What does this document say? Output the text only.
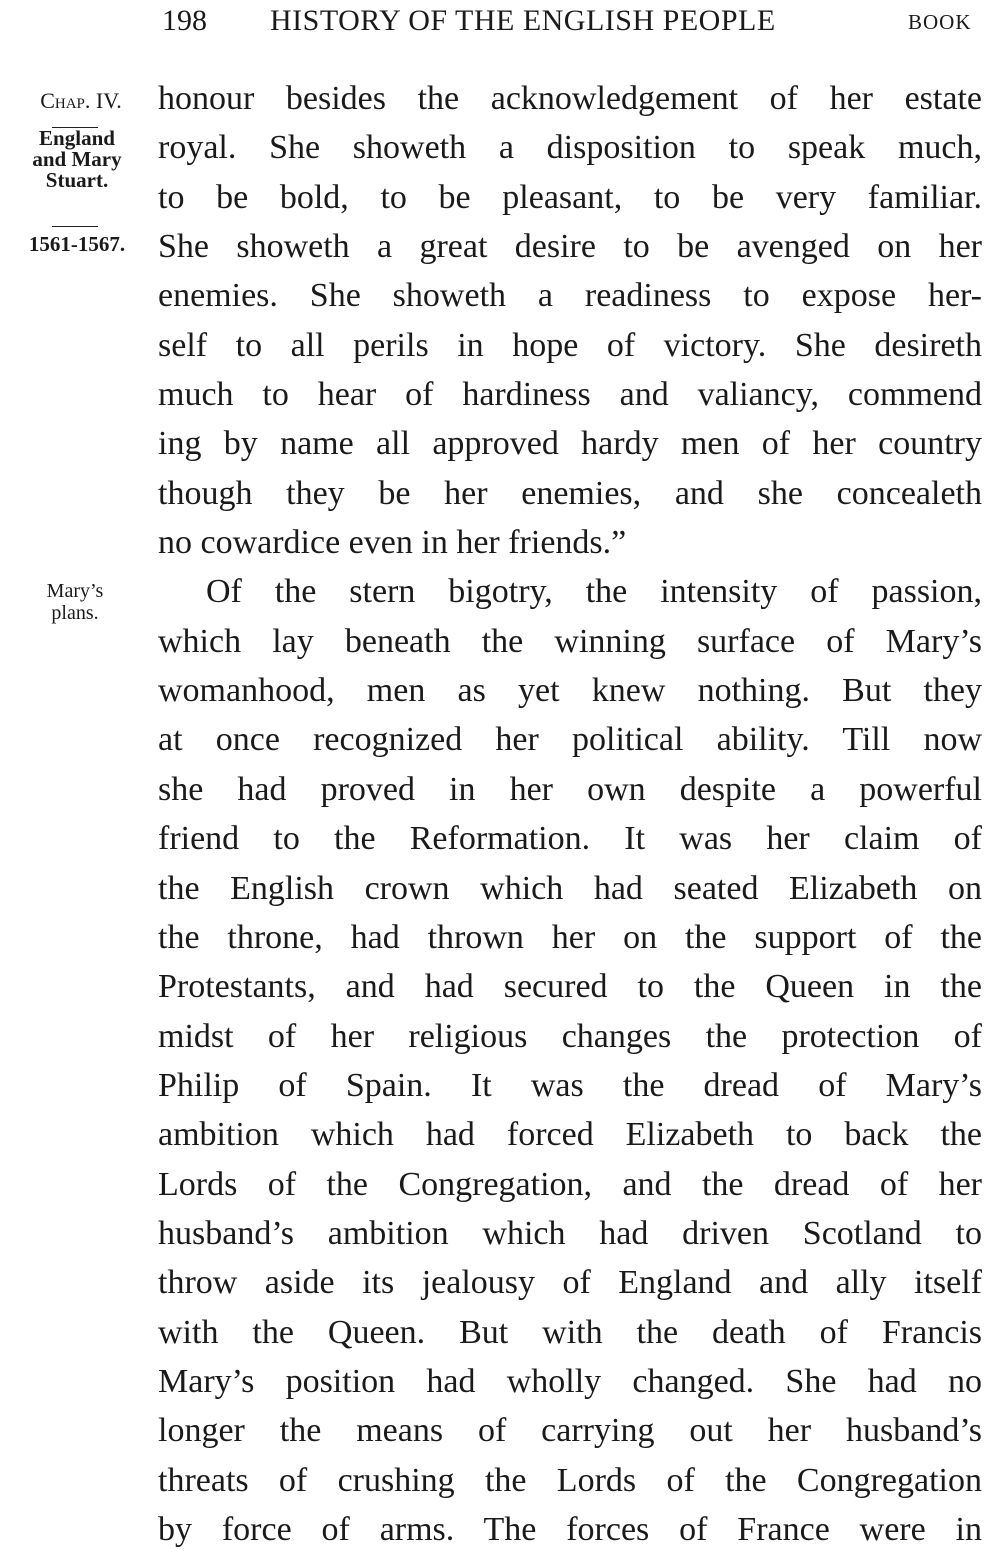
198 HISTORY OF THE ENGLISH PEOPLE	BOOK
Chap. IV.
England
and Mary
Stuart.
1561-1567.
Mary’s
plans.
honour besides the acknowledgement of her estate
royal. She showeth a disposition to speak much,
to be bold, to be pleasant, to be very familiar.
She showeth a great desire to be avenged on her
enemies. She showeth a readiness to expose her-
self to all perils in hope of victory. She desireth
much to hear of hardiness and valiancy, commend
ing by name all approved hardy men of her country
though they be her enemies, and she concealeth
no cowardice even in her friends.”
Of the stern bigotry, the intensity of passion,
which lay beneath the winning surface of Mary’s
womanhood, men as yet knew nothing. But they
at once recognized her political ability. Till now
she had proved in her own despite a powerful
friend to the Reformation. It was her claim of
the English crown which had seated Elizabeth on
the throne, had thrown her on the support of the
Protestants, and had secured to the Queen in the
midst of her religious changes the protection of
Philip of Spain. It was the dread of Mary’s
ambition which had forced Elizabeth to back the
Lords of the Congregation, and the dread of her
husband’s ambition which had driven Scotland to
throw aside its jealousy of England and ally itself
with the Queen. But with the death of Francis
Mary’s position had wholly changed. She had no
longer the means of carrying out her husband’s
threats of crushing the Lords of the Congregation
by force of arms. The forces of France were in
